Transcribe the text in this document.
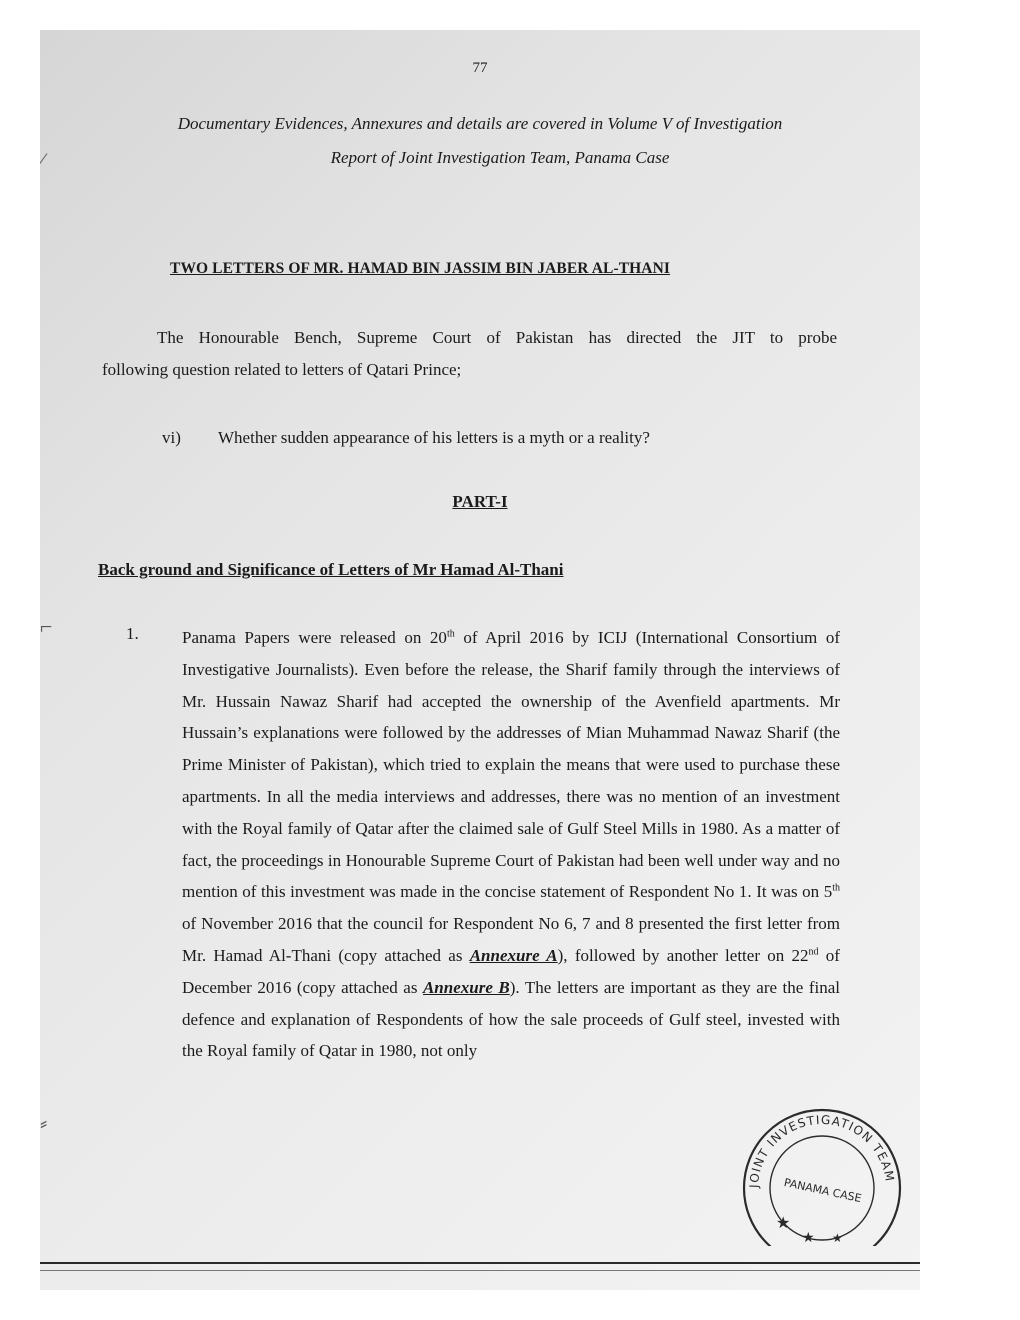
77
Documentary Evidences, Annexures and details are covered in Volume V of Investigation
Report of Joint Investigation Team, Panama Case
⁄
TWO LETTERS OF MR. HAMAD BIN JASSIM BIN JABER AL-THANI
The Honourable Bench, Supreme Court of Pakistan has directed the JIT to probe
following question related to letters of Qatari Prince;
vi) Whether sudden appearance of his letters is a myth or a reality?
PART-I
Back ground and Significance of Letters of Mr Hamad Al-Thani
⌐	1.	Panama Papers were released on 20th of April 2016 by ICIJ (International Consortium of Investigative Journalists). Even before the release, the Sharif family through the interviews of Mr. Hussain Nawaz Sharif had accepted the ownership of the Avenfield apartments. Mr Hussain’s explanations were followed by the addresses of Mian Muhammad Nawaz Sharif (the Prime Minister of Pakistan), which tried to explain the means that were used to purchase these apartments. In all the media interviews and addresses, there was no mention of an investment with the Royal family of Qatar after the claimed sale of Gulf Steel Mills in 1980. As a matter of fact, the proceedings in Honourable Supreme Court of Pakistan had been well under way and no mention of this investment was made in the concise statement of Respondent No 1. It was on 5th of November 2016 that the council for Respondent No 6, 7 and 8 presented the first letter from Mr. Hamad Al-Thani (copy attached as Annexure A), followed by another letter on 22nd of December 2016 (copy attached as Annexure B). The letters are important as they are the final defence and explanation of Respondents of how the sale proceeds of Gulf steel, invested with the Royal family of Qatar in 1980, not only
⸗
JOINT INVESTIGATION TEAM
PANAMA CASE
★
★ ★
